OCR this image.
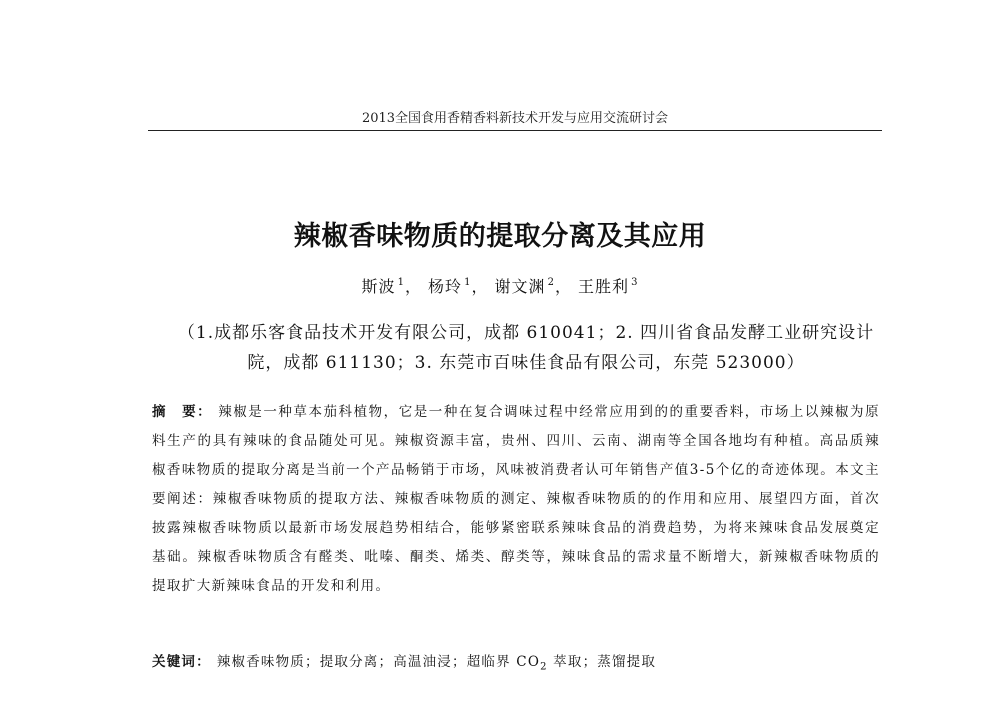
2013全国食用香精香料新技术开发与应用交流研讨会
辣椒香味物质的提取分离及其应用
斯波 $^1$， 杨玲 $^1$， 谢文渊 $^2$， 王胜利 $^3$
（1.成都乐客食品技术开发有限公司，成都 610041；2. 四川省食品发酵工业研究设计院，成都 611130；3. 东莞市百味佳食品有限公司，东莞 523000）
摘　要： 辣椒是一种草本茄科植物，它是一种在复合调味过程中经常应用到的的重要香料，市场上以辣椒为原料生产的具有辣味的食品随处可见。辣椒资源丰富，贵州、四川、云南、湖南等全国各地均有种植。高品质辣椒香味物质的提取分离是当前一个产品畅销于市场，风味被消费者认可年销售产值3-5个亿的奇迹体现。本文主要阐述：辣椒香味物质的提取方法、辣椒香味物质的测定、辣椒香味物质的的作用和应用、展望四方面，首次披露辣椒香味物质以最新市场发展趋势相结合，能够紧密联系辣味食品的消费趋势，为将来辣味食品发展奠定基础。辣椒香味物质含有醛类、吡嗪、酮类、烯类、醇类等，辣味食品的需求量不断增大，新辣椒香味物质的提取扩大新辣味食品的开发和利用。
关键词： 辣椒香味物质；提取分离；高温油浸；超临界 $CO_2$ 萃取；蒸馏提取
